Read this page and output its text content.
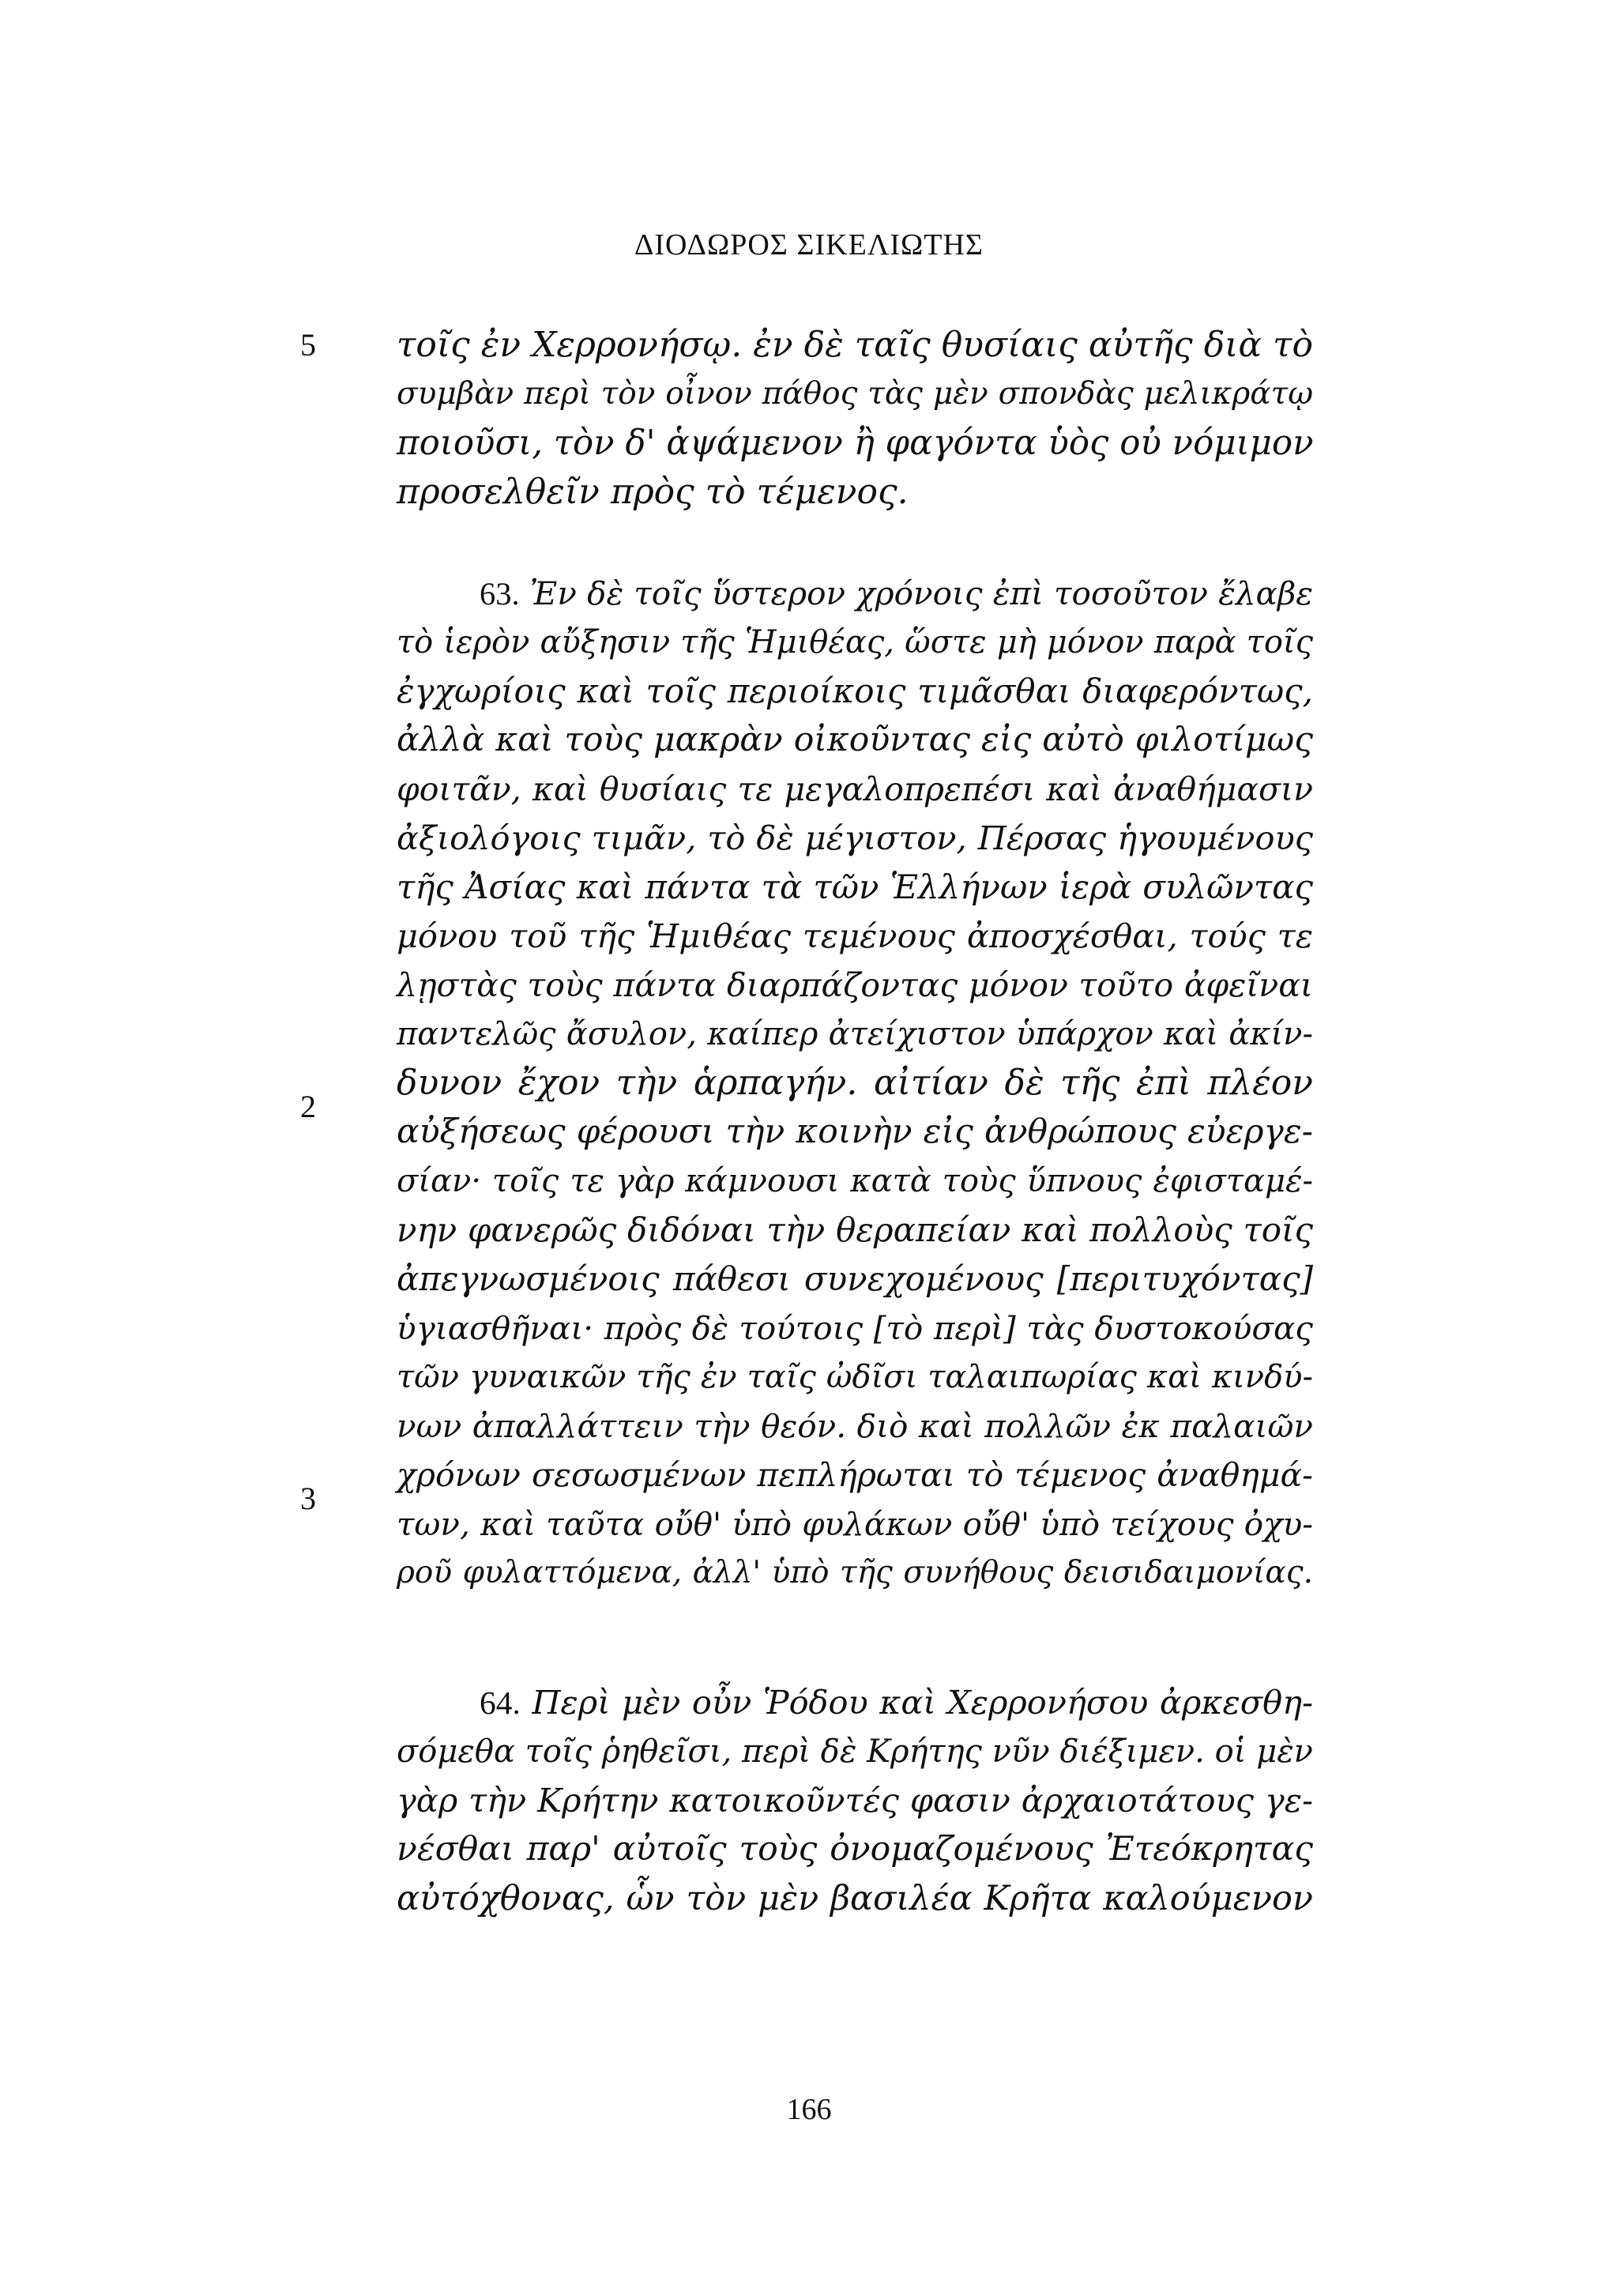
ΔΙΟΔΩΡΟΣ ΣΙΚΕΛΙΩΤΗΣ
5
2
3
τοῖς ἐν Χερρονήσῳ. ἐν δὲ ταῖς θυσίαις αὐτῆς διὰ τὸ
συμβὰν περὶ τὸν οἶνον πάθος τὰς μὲν σπονδὰς μελικράτῳ
ποιοῦσι, τὸν δ' ἁψάμενον ἢ φαγόντα ὑὸς οὐ νόμιμον
προσελθεῖν πρὸς τὸ τέμενος.
63. Ἐν δὲ τοῖς ὕστερον χρόνοις ἐπὶ τοσοῦτον ἔλαβε
τὸ ἱερὸν αὔξησιν τῆς Ἡμιθέας, ὥστε μὴ μόνον παρὰ τοῖς
ἐγχωρίοις καὶ τοῖς περιοίκοις τιμᾶσθαι διαφερόντως,
ἀλλὰ καὶ τοὺς μακρὰν οἰκοῦντας εἰς αὐτὸ φιλοτίμως
φοιτᾶν, καὶ θυσίαις τε μεγαλοπρεπέσι καὶ ἀναθήμασιν
ἀξιολόγοις τιμᾶν, τὸ δὲ μέγιστον, Πέρσας ἡγουμένους
τῆς Ἀσίας καὶ πάντα τὰ τῶν Ἑλλήνων ἱερὰ συλῶντας
μόνου τοῦ τῆς Ἡμιθέας τεμένους ἀποσχέσθαι, τούς τε
λῃστὰς τοὺς πάντα διαρπάζοντας μόνον τοῦτο ἀφεῖναι
παντελῶς ἄσυλον, καίπερ ἀτείχιστον ὑπάρχον καὶ ἀκίν-
δυνον ἔχον τὴν ἁρπαγήν. αἰτίαν δὲ τῆς ἐπὶ πλέον
αὐξήσεως φέρουσι τὴν κοινὴν εἰς ἀνθρώπους εὐεργε-
σίαν· τοῖς τε γὰρ κάμνουσι κατὰ τοὺς ὕπνους ἐφισταμέ-
νην φανερῶς διδόναι τὴν θεραπείαν καὶ πολλοὺς τοῖς
ἀπεγνωσμένοις πάθεσι συνεχομένους [περιτυχόντας]
ὑγιασθῆναι· πρὸς δὲ τούτοις [τὸ περὶ] τὰς δυστοκούσας
τῶν γυναικῶν τῆς ἐν ταῖς ὠδῖσι ταλαιπωρίας καὶ κινδύ-
νων ἀπαλλάττειν τὴν θεόν. διὸ καὶ πολλῶν ἐκ παλαιῶν
χρόνων σεσωσμένων πεπλήρωται τὸ τέμενος ἀναθημά-
των, καὶ ταῦτα οὔθ' ὑπὸ φυλάκων οὔθ' ὑπὸ τείχους ὀχυ-
ροῦ φυλαττόμενα, ἀλλ' ὑπὸ τῆς συνήθους δεισιδαιμονίας.
64. Περὶ μὲν οὖν Ῥόδου καὶ Χερρονήσου ἀρκεσθη-
σόμεθα τοῖς ῥηθεῖσι, περὶ δὲ Κρήτης νῦν διέξιμεν. οἱ μὲν
γὰρ τὴν Κρήτην κατοικοῦντές φασιν ἀρχαιοτάτους γε-
νέσθαι παρ' αὐτοῖς τοὺς ὀνομαζομένους Ἐτεόκρητας
αὐτόχθονας, ὧν τὸν μὲν βασιλέα Κρῆτα καλούμενον
166
